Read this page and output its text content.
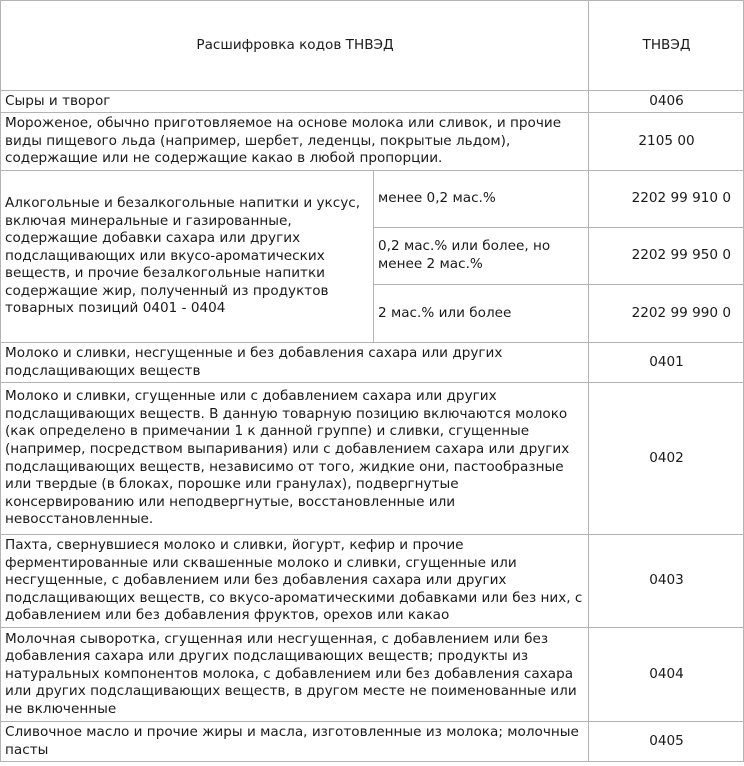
Расшифровка кодов ТНВЭД		ТНВЭД
Сыры и творог		0406
Мороженое, обычно приготовляемое на основе молока или сливок, и прочие виды пищевого льда (например, шербет, леденцы, покрытые льдом), содержащие или не содержащие какао в любой пропорции.		2105 00
Алкогольные и безалкогольные напитки и уксус, включая минеральные и газированные, содержащие добавки сахара или других подслащивающих или вкусо-ароматических веществ, и прочие безалкогольные напитки содержащие жир, полученный из продуктов товарных позиций 0401 - 0404	менее 0,2 мас.%	2202 99 910 0
	0,2 мас.% или более, но менее 2 мас.%	2202 99 950 0
	2 мас.% или более	2202 99 990 0
Молоко и сливки, несгущенные и без добавления сахара или других подслащивающих веществ		0401
Молоко и сливки, сгущенные или с добавлением сахара или других подслащивающих веществ. В данную товарную позицию включаются молоко (как определено в примечании 1 к данной группе) и сливки, сгущенные (например, посредством выпаривания) или с добавлением сахара или других подслащивающих веществ, независимо от того, жидкие они, пастообразные или твердые (в блоках, порошке или гранулах), подвергнутые консервированию или неподвергнутые, восстановленные или невосстановленные.		0402
Пахта, свернувшиеся молоко и сливки, йогурт, кефир и прочие ферментированные или сквашенные молоко и сливки, сгущенные или несгущенные, с добавлением или без добавления сахара или других подслащивающих веществ, со вкусо-ароматическими добавками или без них, с добавлением или без добавления фруктов, орехов или какао		0403
Молочная сыворотка, сгущенная или несгущенная, с добавлением или без добавления сахара или других подслащивающих веществ; продукты из натуральных компонентов молока, с добавлением или без добавления сахара или других подслащивающих веществ, в другом месте не поименованные или не включенные		0404
Сливочное масло и прочие жиры и масла, изготовленные из молока; молочные пасты		0405
